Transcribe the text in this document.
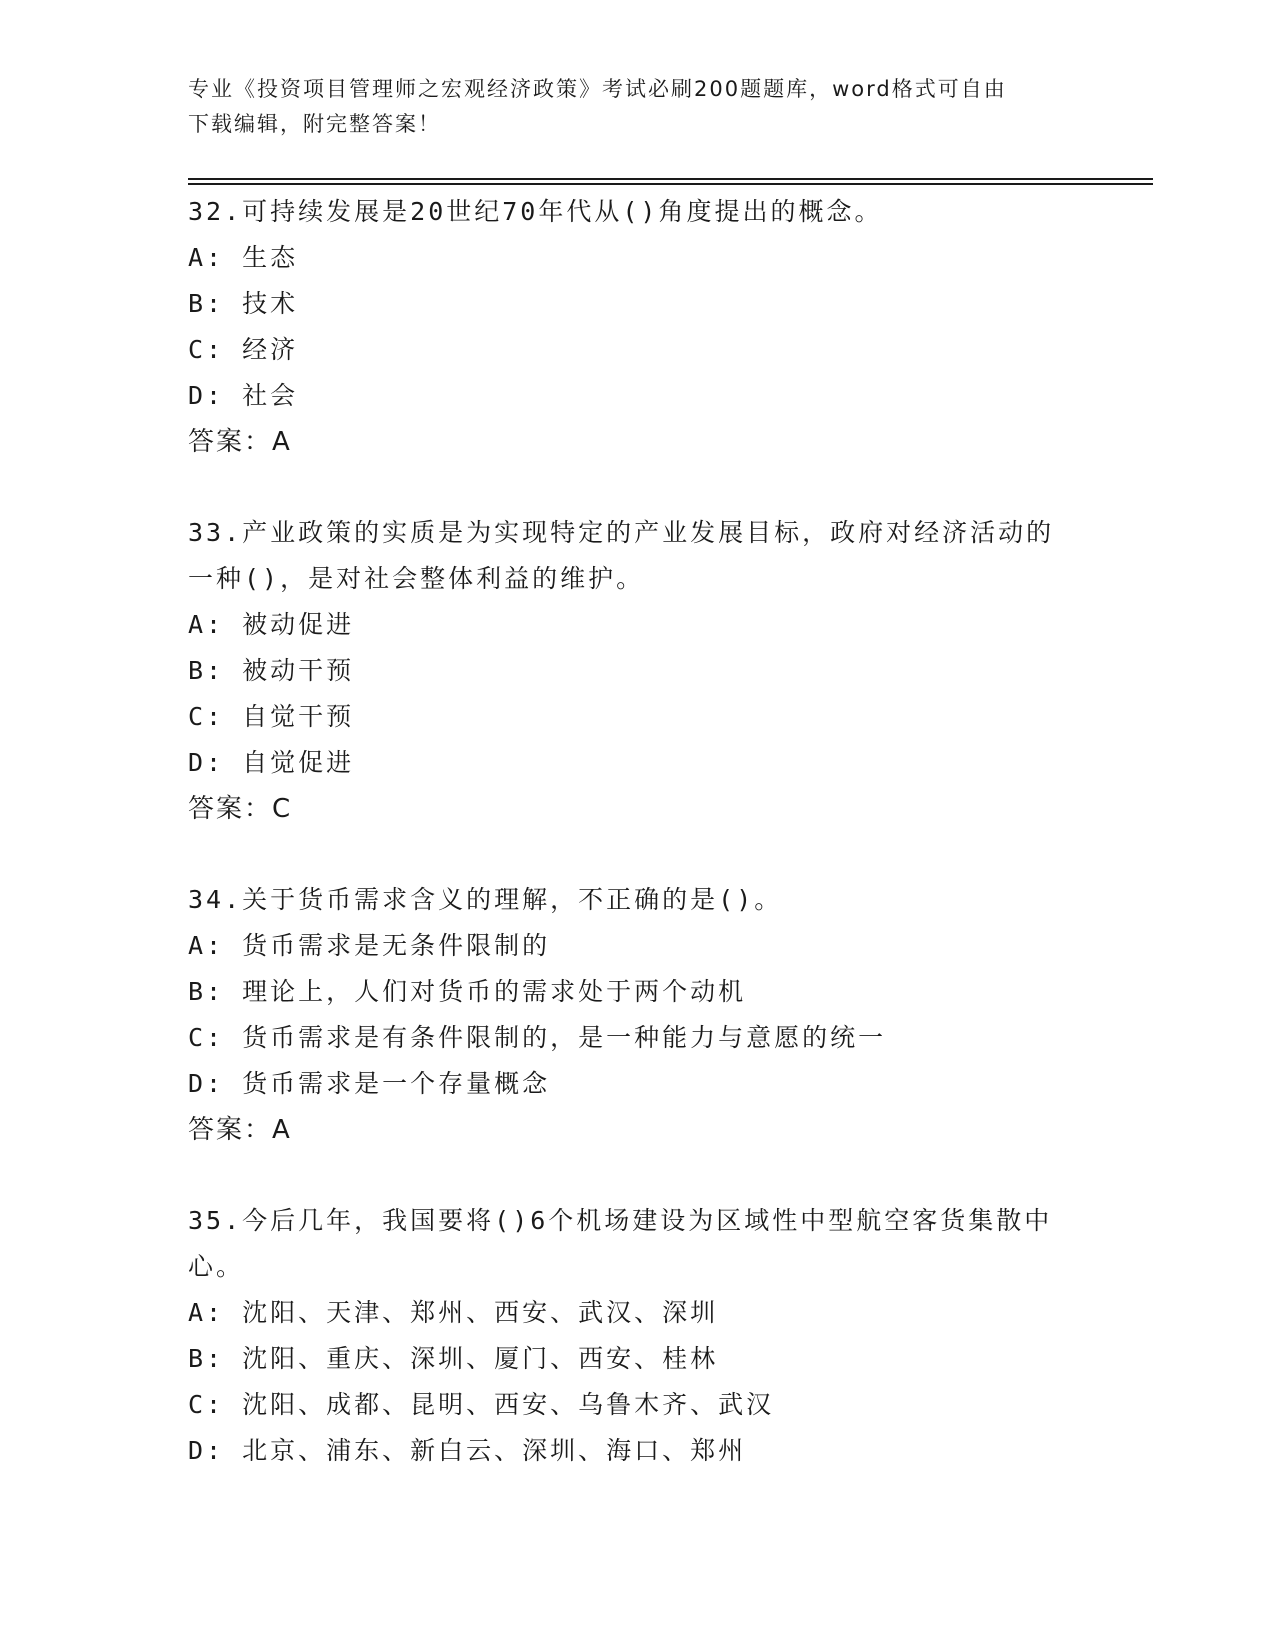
专业《投资项目管理师之宏观经济政策》考试必刷200题题库，word格式可自由
下载编辑，附完整答案！

32.可持续发展是20世纪70年代从()角度提出的概念。

A: 生态

B: 技术

C: 经济

D: 社会

答案：A

33.产业政策的实质是为实现特定的产业发展目标，政府对经济活动的

一种()，是对社会整体利益的维护。

A: 被动促进

B: 被动干预

C: 自觉干预

D: 自觉促进

答案：C

34.关于货币需求含义的理解，不正确的是()。

A: 货币需求是无条件限制的

B: 理论上，人们对货币的需求处于两个动机

C: 货币需求是有条件限制的，是一种能力与意愿的统一

D: 货币需求是一个存量概念

答案：A

35.今后几年，我国要将()6个机场建设为区域性中型航空客货集散中

心。

A: 沈阳、天津、郑州、西安、武汉、深圳

B: 沈阳、重庆、深圳、厦门、西安、桂林

C: 沈阳、成都、昆明、西安、乌鲁木齐、武汉

D: 北京、浦东、新白云、深圳、海口、郑州
